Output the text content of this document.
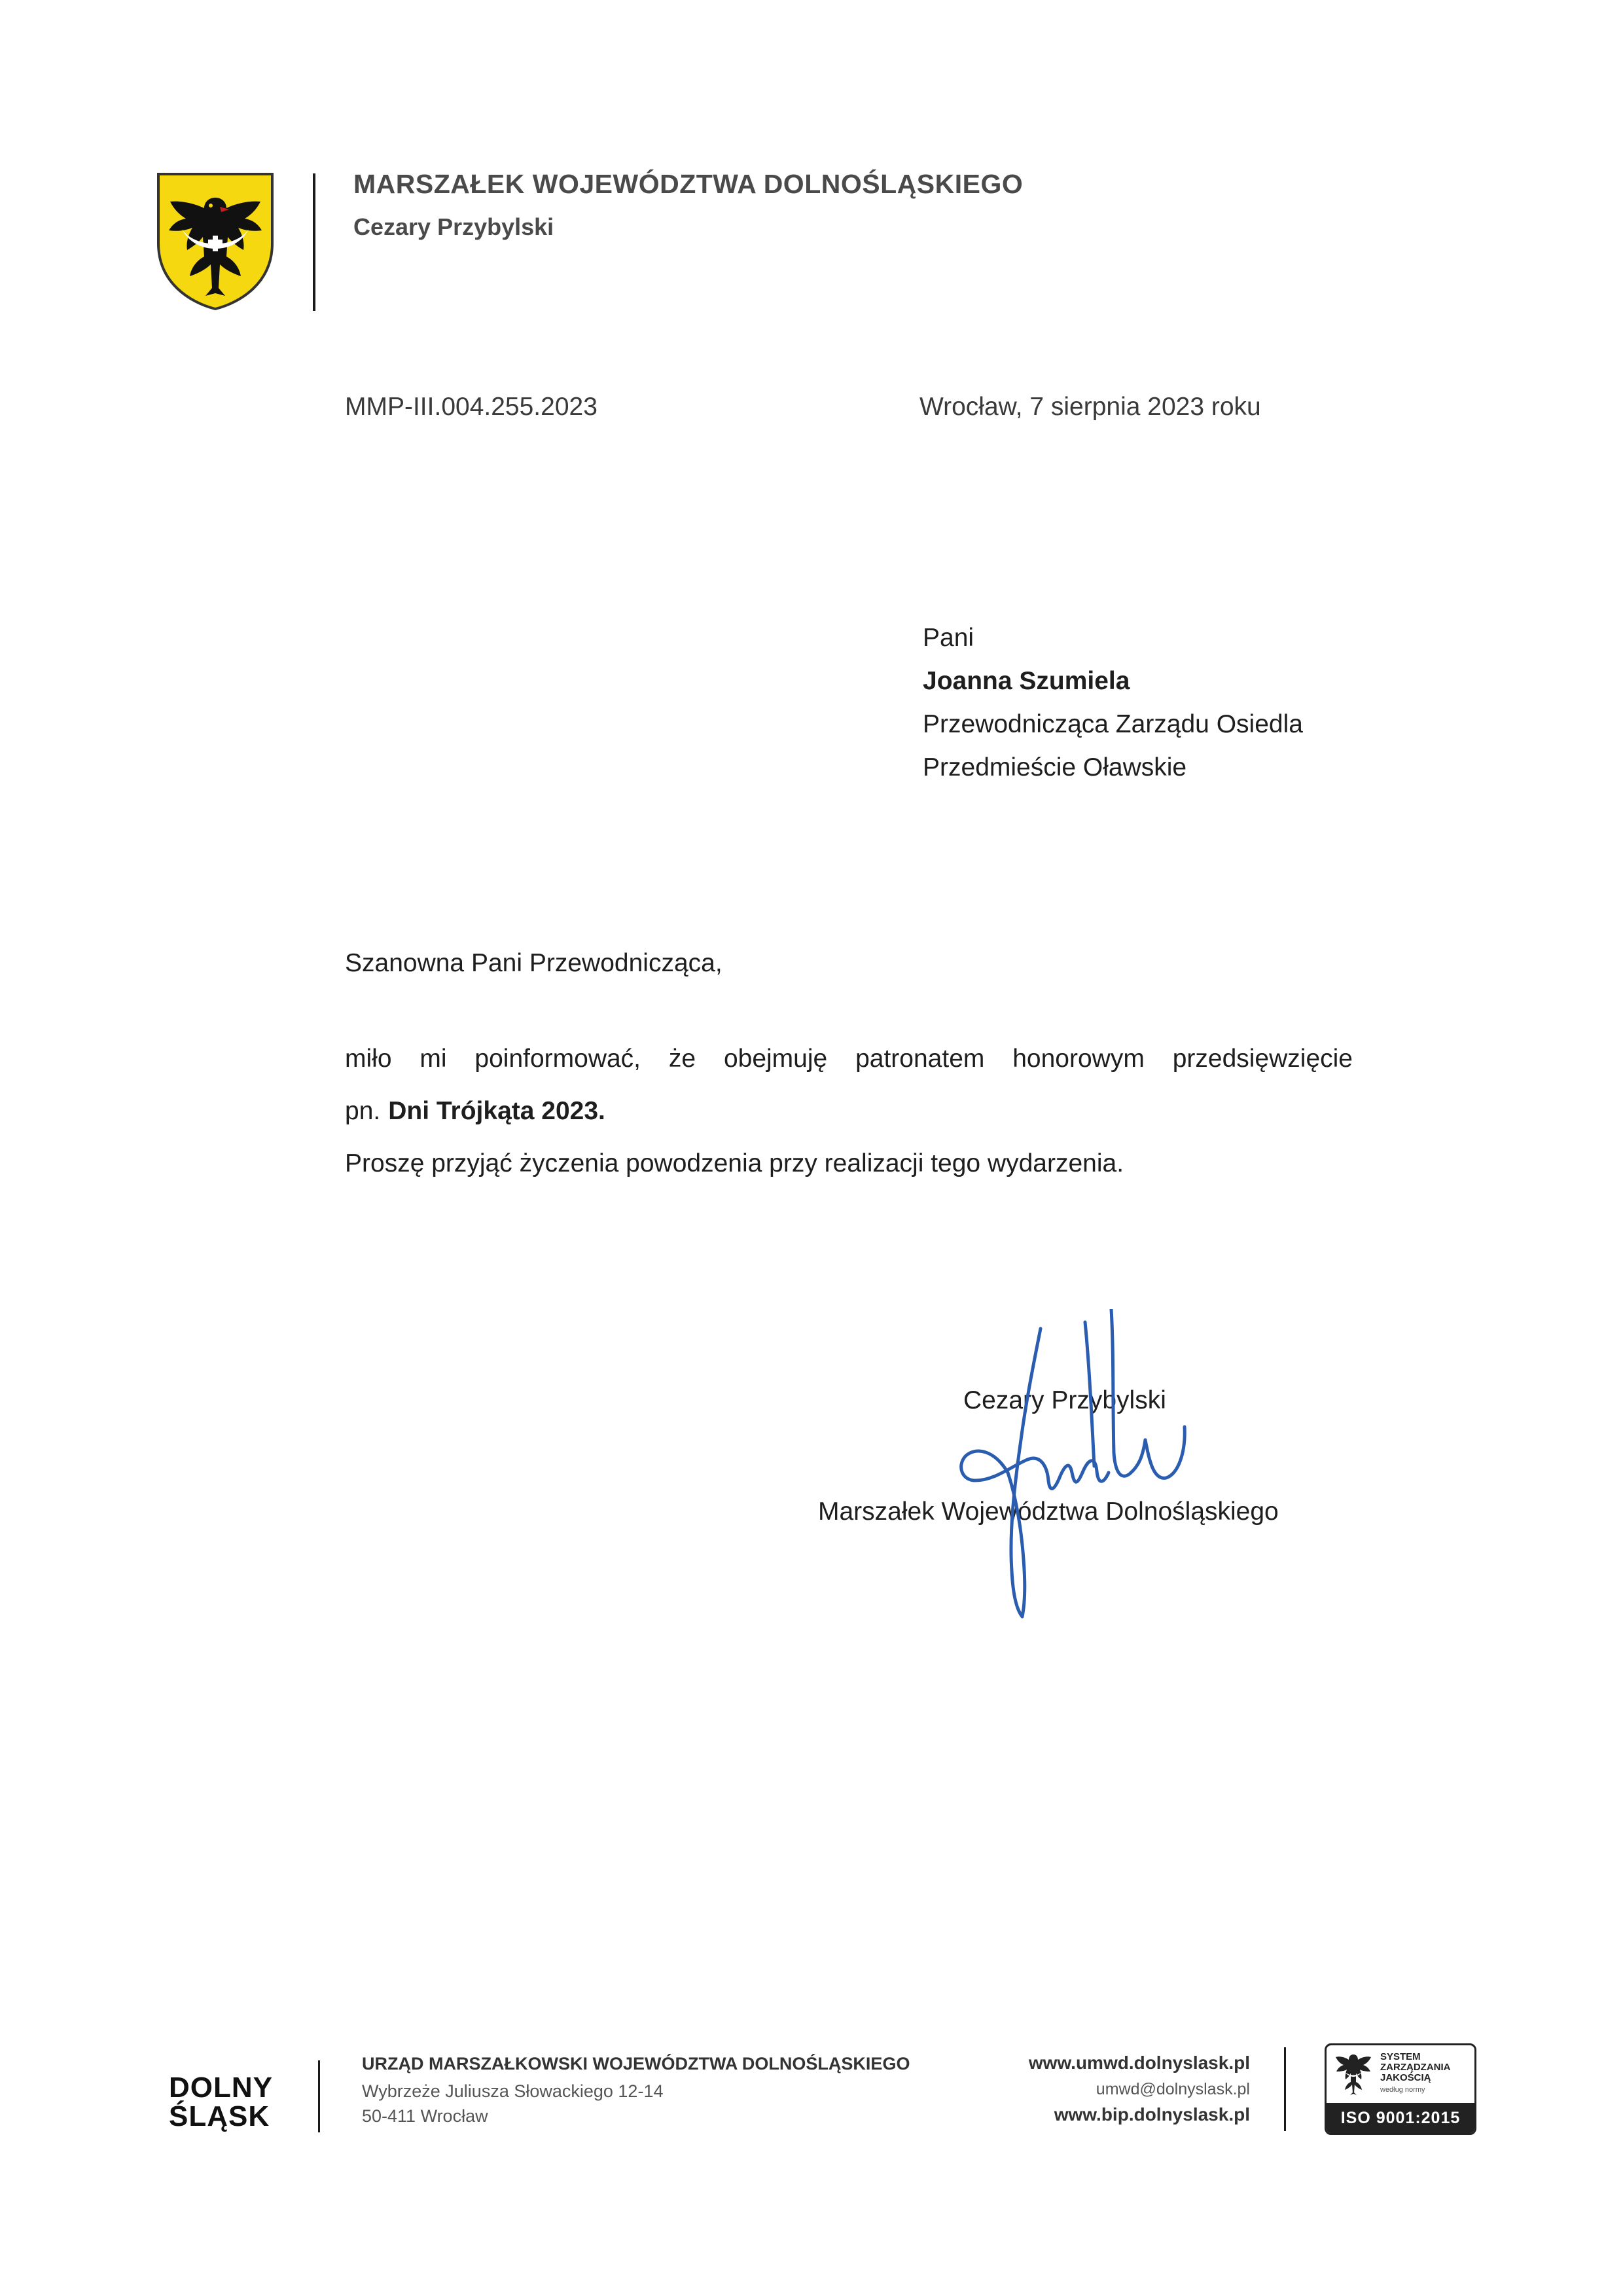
MARSZAŁEK WOJEWÓDZTWA DOLNOŚLĄSKIEGO
Cezary Przybylski
MMP-III.004.255.2023	Wrocław, 7 sierpnia 2023 roku
Pani
Joanna Szumiela
Przewodnicząca Zarządu Osiedla
Przedmieście Oławskie
Szanowna Pani Przewodnicząca,
miło mi poinformować, że obejmuję patronatem honorowym przedsięwzięcie
pn. Dni Trójkąta 2023.
Proszę przyjąć życzenia powodzenia przy realizacji tego wydarzenia.
Cezary Przybylski
Marszałek Województwa Dolnośląskiego
DOLNY
ŚLĄSK
URZĄD MARSZAŁKOWSKI WOJEWÓDZTWA DOLNOŚLĄSKIEGO
Wybrzeże Juliusza Słowackiego 12-14
50-411 Wrocław
www.umwd.dolnyslask.pl
umwd@dolnyslask.pl
www.bip.dolnyslask.pl
SYSTEM
ZARZĄDZANIA
JAKOŚCIĄ
według normy
ISO 9001:2015
